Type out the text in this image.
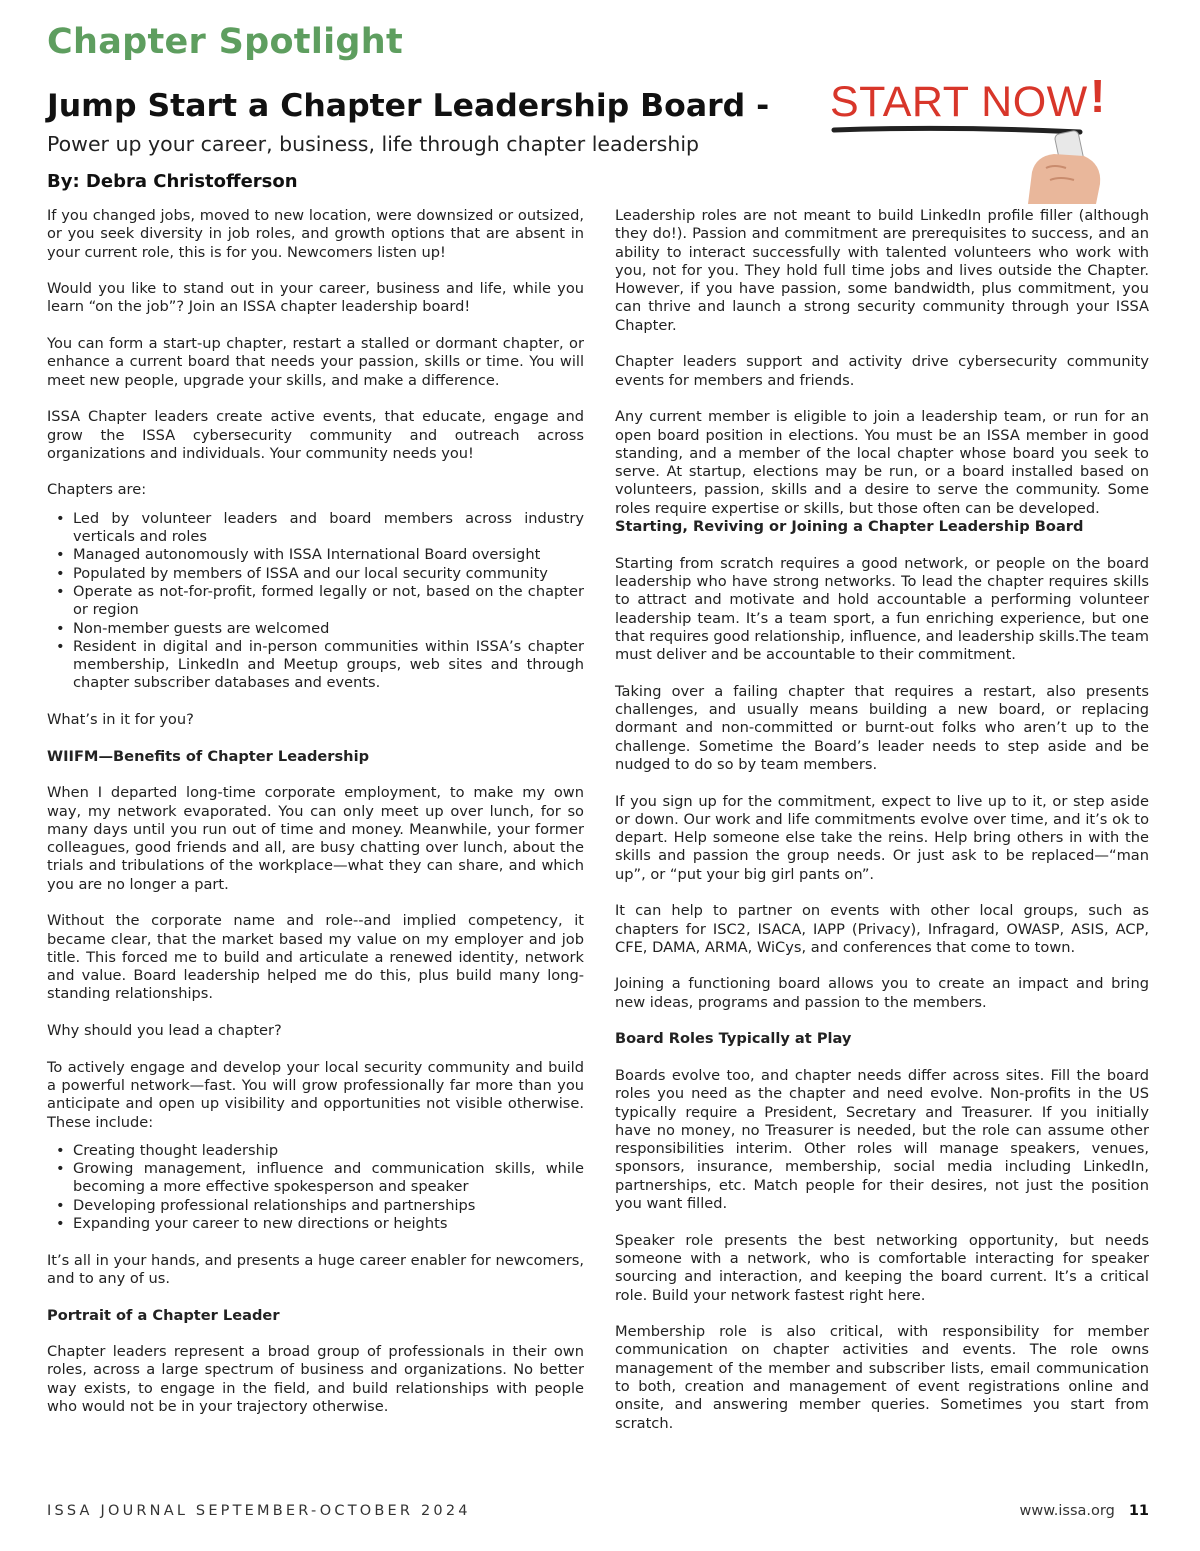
Chapter Spotlight
Jump Start a Chapter Leadership Board -
Power up your career, business, life through chapter leadership
By: Debra Christofferson
START NOW !

If you changed jobs, moved to new location, were downsized or outsized, or you seek diversity in job roles, and growth options that are absent in your current role, this is for you. Newcomers listen up!

Would you like to stand out in your career, business and life, while you learn “on the job”? Join an ISSA chapter leadership board!

You can form a start-up chapter, restart a stalled or dormant chapter, or enhance a current board that needs your passion, skills or time. You will meet new people, upgrade your skills, and make a difference.

ISSA Chapter leaders create active events, that educate, engage and grow the ISSA cybersecurity community and outreach across organizations and individuals. Your community needs you!

Chapters are:

• Led by volunteer leaders and board members across industry verticals and roles
• Managed autonomously with ISSA International Board oversight
• Populated by members of ISSA and our local security community
• Operate as not-for-profit, formed legally or not, based on the chapter or region
• Non-member guests are welcomed
• Resident in digital and in-person communities within ISSA’s chapter membership, LinkedIn and Meetup groups, web sites and through chapter subscriber databases and events.

What’s in it for you?

WIIFM—Benefits of Chapter Leadership

When I departed long-time corporate employment, to make my own way, my network evaporated. You can only meet up over lunch, for so many days until you run out of time and money. Meanwhile, your former colleagues, good friends and all, are busy chatting over lunch, about the trials and tribulations of the workplace—what they can share, and which you are no longer a part.

Without the corporate name and role--and implied competency, it became clear, that the market based my value on my employer and job title. This forced me to build and articulate a renewed identity, network and value. Board leadership helped me do this, plus build many long-standing relationships.

Why should you lead a chapter?

To actively engage and develop your local security community and build a powerful network—fast. You will grow professionally far more than you anticipate and open up visibility and opportunities not visible otherwise. These include:

• Creating thought leadership
• Growing management, influence and communication skills, while becoming a more effective spokesperson and speaker
• Developing professional relationships and partnerships
• Expanding your career to new directions or heights

It’s all in your hands, and presents a huge career enabler for newcomers, and to any of us.

Portrait of a Chapter Leader

Chapter leaders represent a broad group of professionals in their own roles, across a large spectrum of business and organizations. No better way exists, to engage in the field, and build relationships with people who would not be in your trajectory otherwise.

Leadership roles are not meant to build LinkedIn profile filler (although they do!). Passion and commitment are prerequisites to success, and an ability to interact successfully with talented volunteers who work with you, not for you. They hold full time jobs and lives outside the Chapter. However, if you have passion, some bandwidth, plus commitment, you can thrive and launch a strong security community through your ISSA Chapter.

Chapter leaders support and activity drive cybersecurity community events for members and friends.

Any current member is eligible to join a leadership team, or run for an open board position in elections. You must be an ISSA member in good standing, and a member of the local chapter whose board you seek to serve. At startup, elections may be run, or a board installed based on volunteers, passion, skills and a desire to serve the community. Some roles require expertise or skills, but those often can be developed.

Starting, Reviving or Joining a Chapter Leadership Board

Starting from scratch requires a good network, or people on the board leadership who have strong networks. To lead the chapter requires skills to attract and motivate and hold accountable a performing volunteer leadership team. It’s a team sport, a fun enriching experience, but one that requires good relationship, influence, and leadership skills.The team must deliver and be accountable to their commitment.

Taking over a failing chapter that requires a restart, also presents challenges, and usually means building a new board, or replacing dormant and non-committed or burnt-out folks who aren’t up to the challenge. Sometime the Board’s leader needs to step aside and be nudged to do so by team members.

If you sign up for the commitment, expect to live up to it, or step aside or down. Our work and life commitments evolve over time, and it’s ok to depart. Help someone else take the reins. Help bring others in with the skills and passion the group needs. Or just ask to be replaced—“man up”, or “put your big girl pants on”.

It can help to partner on events with other local groups, such as chapters for ISC2, ISACA, IAPP (Privacy), Infragard, OWASP, ASIS, ACP, CFE, DAMA, ARMA, WiCys, and conferences that come to town.

Joining a functioning board allows you to create an impact and bring new ideas, programs and passion to the members.

Board Roles Typically at Play

Boards evolve too, and chapter needs differ across sites. Fill the board roles you need as the chapter and need evolve. Non-profits in the US typically require a President, Secretary and Treasurer. If you initially have no money, no Treasurer is needed, but the role can assume other responsibilities interim. Other roles will manage speakers, venues, sponsors, insurance, membership, social media including LinkedIn, partnerships, etc. Match people for their desires, not just the position you want filled.

Speaker role presents the best networking opportunity, but needs someone with a network, who is comfortable interacting for speaker sourcing and interaction, and keeping the board current. It’s a critical role. Build your network fastest right here.

Membership role is also critical, with responsibility for member communication on chapter activities and events. The role owns management of the member and subscriber lists, email communication to both, creation and management of event registrations online and onsite, and answering member queries. Sometimes you start from scratch.

ISSA JOURNAL SEPTEMBER-OCTOBER 2024	www.issa.org 11
